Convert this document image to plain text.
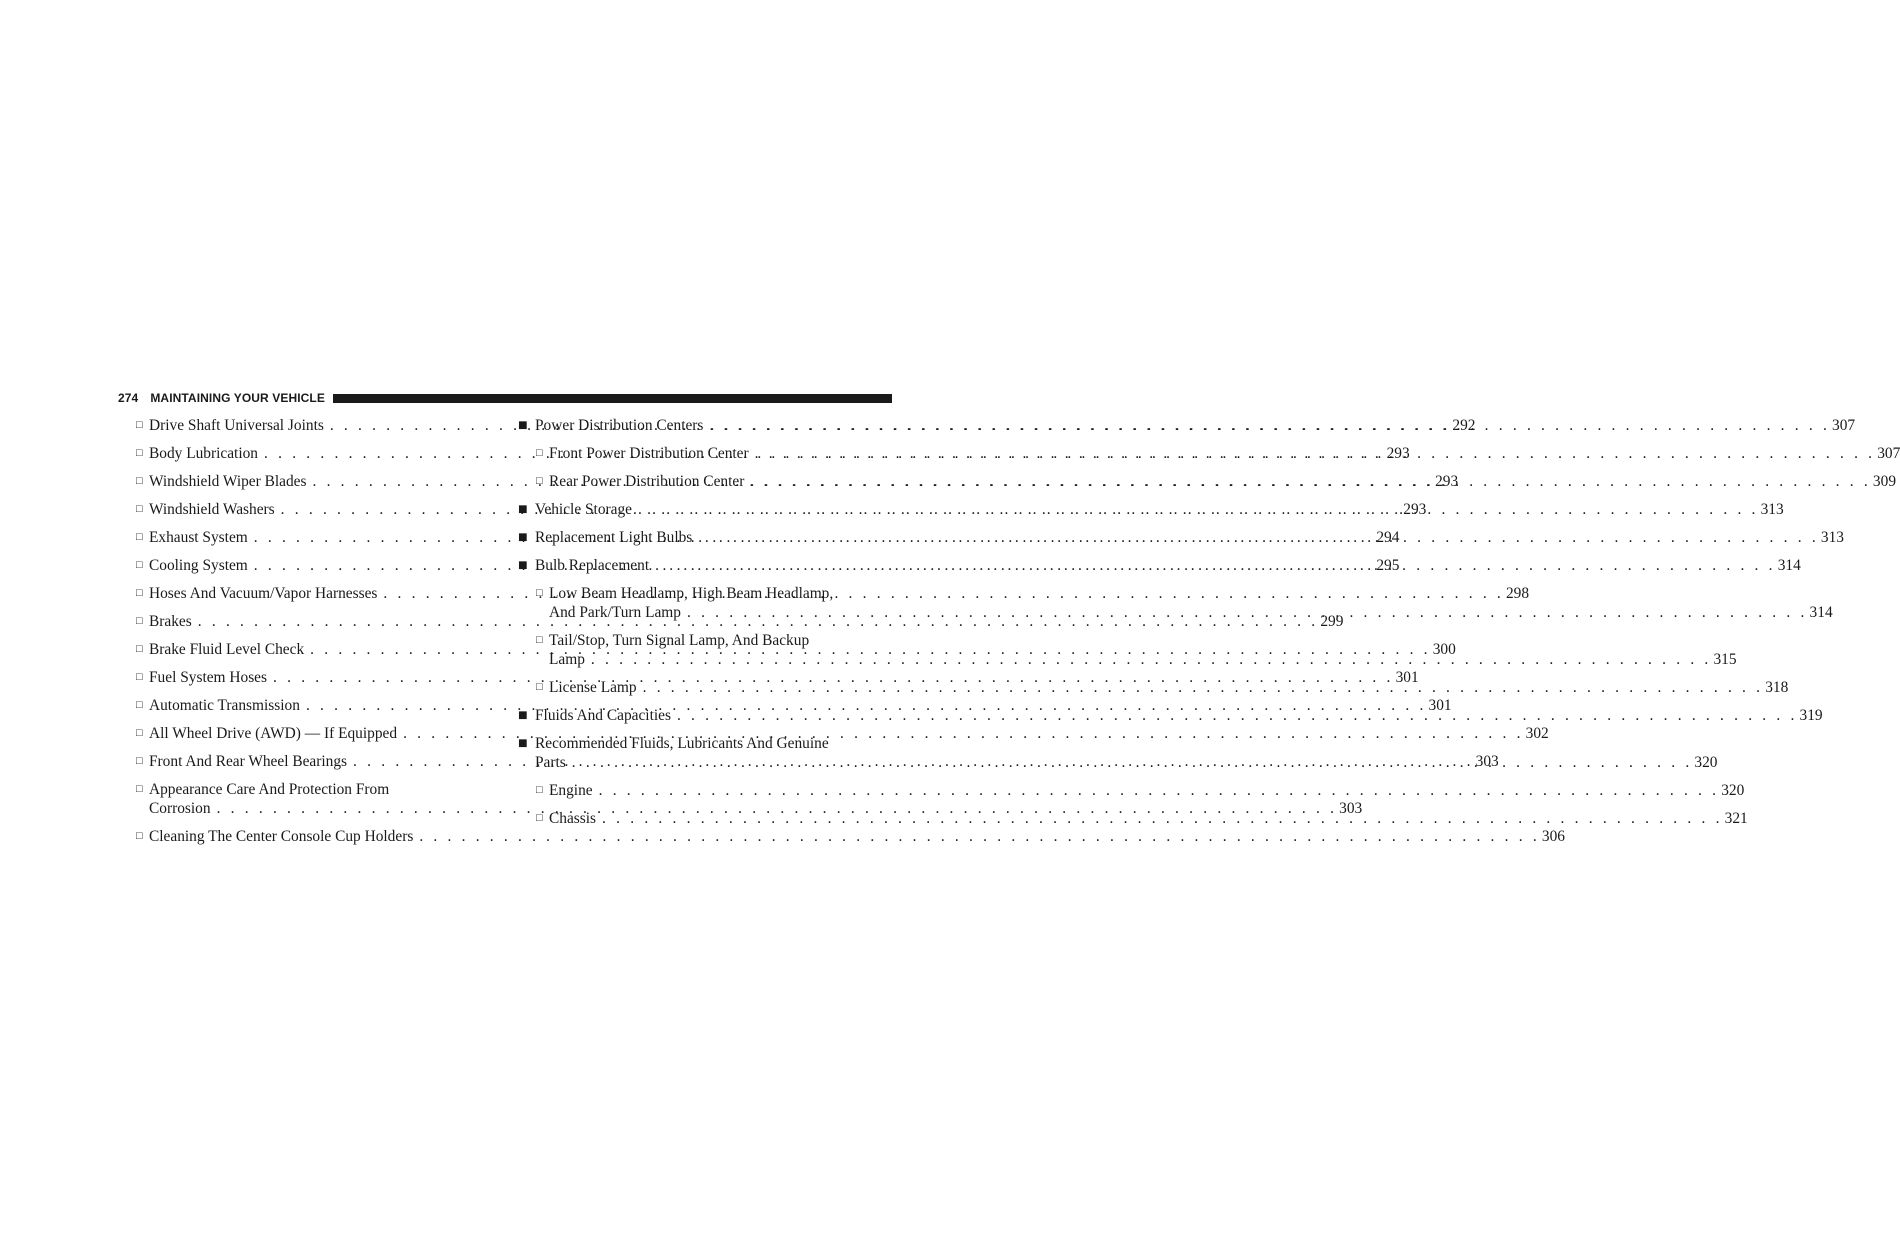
274 MAINTAINING YOUR VEHICLE
□ Drive Shaft Universal Joints . . .	292
□ Body Lubrication . . .	293
□ Windshield Wiper Blades . . .	293
□ Windshield Washers . . .	293
□ Exhaust System . . .	294
□ Cooling System . . .	295
□ Hoses And Vacuum/Vapor Harnesses . . .	298
□ Brakes . . .	299
□ Brake Fluid Level Check . . .	300
□ Fuel System Hoses . . .	301
□ Automatic Transmission . . .	301
□ All Wheel Drive (AWD) — If Equipped . . .	302
□ Front And Rear Wheel Bearings . . .	303
□ Appearance Care And Protection From
Corrosion . . .	303
□ Cleaning The Center Console Cup Holders . . .	306
■ Power Distribution Centers . . .	307
□ Front Power Distribution Center . . .	307
□ Rear Power Distribution Center . . .	309
■ Vehicle Storage . . .	313
■ Replacement Light Bulbs . . .	313
■ Bulb Replacement . . .	314
□ Low Beam Headlamp, High Beam Headlamp,
And Park/Turn Lamp . . .	314
□ Tail/Stop, Turn Signal Lamp, And Backup
Lamp . . .	315
□ License Lamp . . .	318
■ Fluids And Capacities . . .	319
■ Recommended Fluids, Lubricants And Genuine
Parts . . .	320
□ Engine . . .	320
□ Chassis . . .	321
